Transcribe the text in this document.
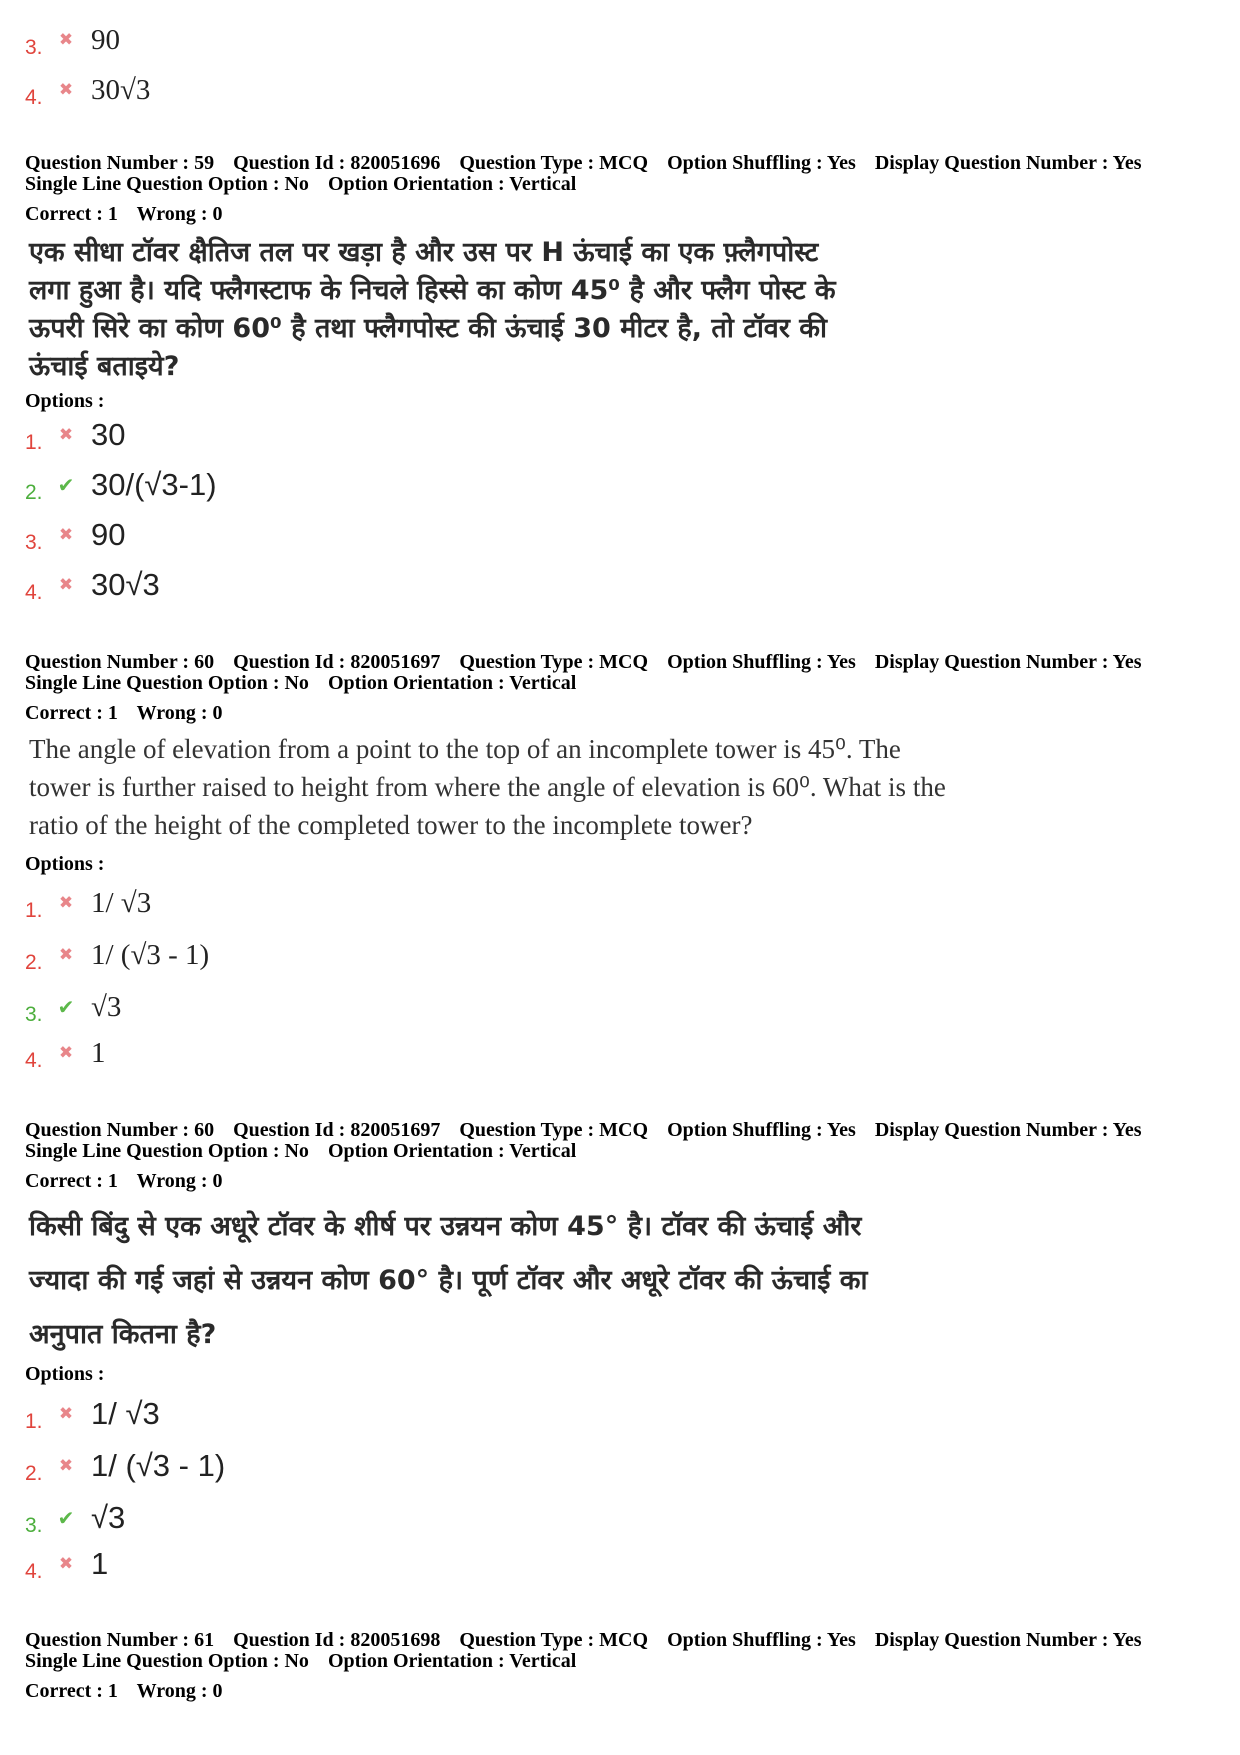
3. ✖ 90
4. ✖ 30√3
Question Number : 59 Question Id : 820051696 Question Type : MCQ Option Shuffling : Yes Display Question Number : Yes
Single Line Question Option : No Option Orientation : Vertical
Correct : 1 Wrong : 0
एक सीधा टॉवर क्षैतिज तल पर खड़ा है और उस पर H ऊंचाई का एक फ़्लैगपोस्ट
लगा हुआ है। यदि फ्लैगस्टाफ के निचले हिस्से का कोण 45⁰ है और फ्लैग पोस्ट के
ऊपरी सिरे का कोण 60⁰ है तथा फ्लैगपोस्ट की ऊंचाई 30 मीटर है, तो टॉवर की
ऊंचाई बताइये?
Options :
1. ✖ 30
2. ✔ 30/(√3-1)
3. ✖ 90
4. ✖ 30√3
Question Number : 60 Question Id : 820051697 Question Type : MCQ Option Shuffling : Yes Display Question Number : Yes
Single Line Question Option : No Option Orientation : Vertical
Correct : 1 Wrong : 0
The angle of elevation from a point to the top of an incomplete tower is 45⁰. The
tower is further raised to height from where the angle of elevation is 60⁰. What is the
ratio of the height of the completed tower to the incomplete tower?
Options :
1. ✖ 1/ √3
2. ✖ 1/ (√3 - 1)
3. ✔ √3
4. ✖ 1
Question Number : 60 Question Id : 820051697 Question Type : MCQ Option Shuffling : Yes Display Question Number : Yes
Single Line Question Option : No Option Orientation : Vertical
Correct : 1 Wrong : 0
किसी बिंदु से एक अधूरे टॉवर के शीर्ष पर उन्नयन कोण 45° है। टॉवर की ऊंचाई और
ज्यादा की गई जहां से उन्नयन कोण 60° है। पूर्ण टॉवर और अधूरे टॉवर की ऊंचाई का
अनुपात कितना है?
Options :
1. ✖ 1/ √3
2. ✖ 1/ (√3 - 1)
3. ✔ √3
4. ✖ 1
Question Number : 61 Question Id : 820051698 Question Type : MCQ Option Shuffling : Yes Display Question Number : Yes
Single Line Question Option : No Option Orientation : Vertical
Correct : 1 Wrong : 0
